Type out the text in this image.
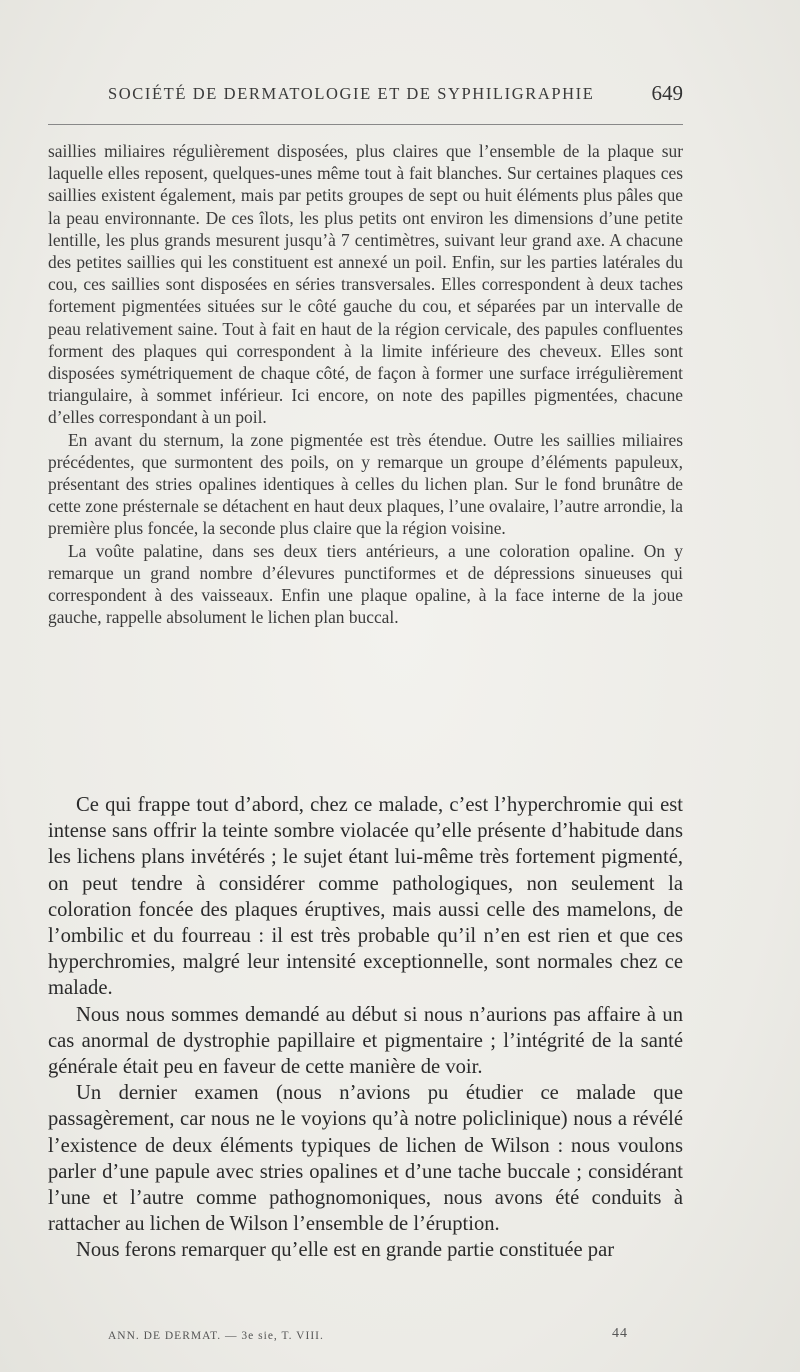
SOCIÉTÉ DE DERMATOLOGIE ET DE SYPHILIGRAPHIE	649

saillies miliaires régulièrement disposées, plus claires que l’ensemble de la plaque sur laquelle elles reposent, quelques-unes même tout à fait blanches. Sur certaines plaques ces saillies existent également, mais par petits groupes de sept ou huit éléments plus pâles que la peau environnante. De ces îlots, les plus petits ont environ les dimensions d’une petite lentille, les plus grands mesurent jusqu’à 7 centimètres, suivant leur grand axe. A chacune des petites saillies qui les constituent est annexé un poil. Enfin, sur les parties latérales du cou, ces saillies sont disposées en séries transversales. Elles correspondent à deux taches fortement pigmentées situées sur le côté gauche du cou, et séparées par un intervalle de peau relativement saine. Tout à fait en haut de la région cervicale, des papules confluentes forment des plaques qui correspondent à la limite inférieure des cheveux. Elles sont disposées symétriquement de chaque côté, de façon à former une surface irrégulièrement triangulaire, à sommet inférieur. Ici encore, on note des papilles pigmentées, chacune d’elles correspondant à un poil.

En avant du sternum, la zone pigmentée est très étendue. Outre les saillies miliaires précédentes, que surmontent des poils, on y remarque un groupe d’éléments papuleux, présentant des stries opalines identiques à celles du lichen plan. Sur le fond brunâtre de cette zone présternale se détachent en haut deux plaques, l’une ovalaire, l’autre arrondie, la première plus foncée, la seconde plus claire que la région voisine.

La voûte palatine, dans ses deux tiers antérieurs, a une coloration opaline. On y remarque un grand nombre d’élevures punctiformes et de dépressions sinueuses qui correspondent à des vaisseaux. Enfin une plaque opaline, à la face interne de la joue gauche, rappelle absolument le lichen plan buccal.

Ce qui frappe tout d’abord, chez ce malade, c’est l’hyperchromie qui est intense sans offrir la teinte sombre violacée qu’elle présente d’habitude dans les lichens plans invétérés ; le sujet étant lui-même très fortement pigmenté, on peut tendre à considérer comme pathologiques, non seulement la coloration foncée des plaques éruptives, mais aussi celle des mamelons, de l’ombilic et du fourreau : il est très probable qu’il n’en est rien et que ces hyperchromies, malgré leur intensité exceptionnelle, sont normales chez ce malade.

Nous nous sommes demandé au début si nous n’aurions pas affaire à un cas anormal de dystrophie papillaire et pigmentaire ; l’intégrité de la santé générale était peu en faveur de cette manière de voir.

Un dernier examen (nous n’avions pu étudier ce malade que passagèrement, car nous ne le voyions qu’à notre policlinique) nous a révélé l’existence de deux éléments typiques de lichen de Wilson : nous voulons parler d’une papule avec stries opalines et d’une tache buccale ; considérant l’une et l’autre comme pathognomoniques, nous avons été conduits à rattacher au lichen de Wilson l’ensemble de l’éruption.

Nous ferons remarquer qu’elle est en grande partie constituée par

ANN. DE DERMAT. — 3e sie, T. VIII.	44
